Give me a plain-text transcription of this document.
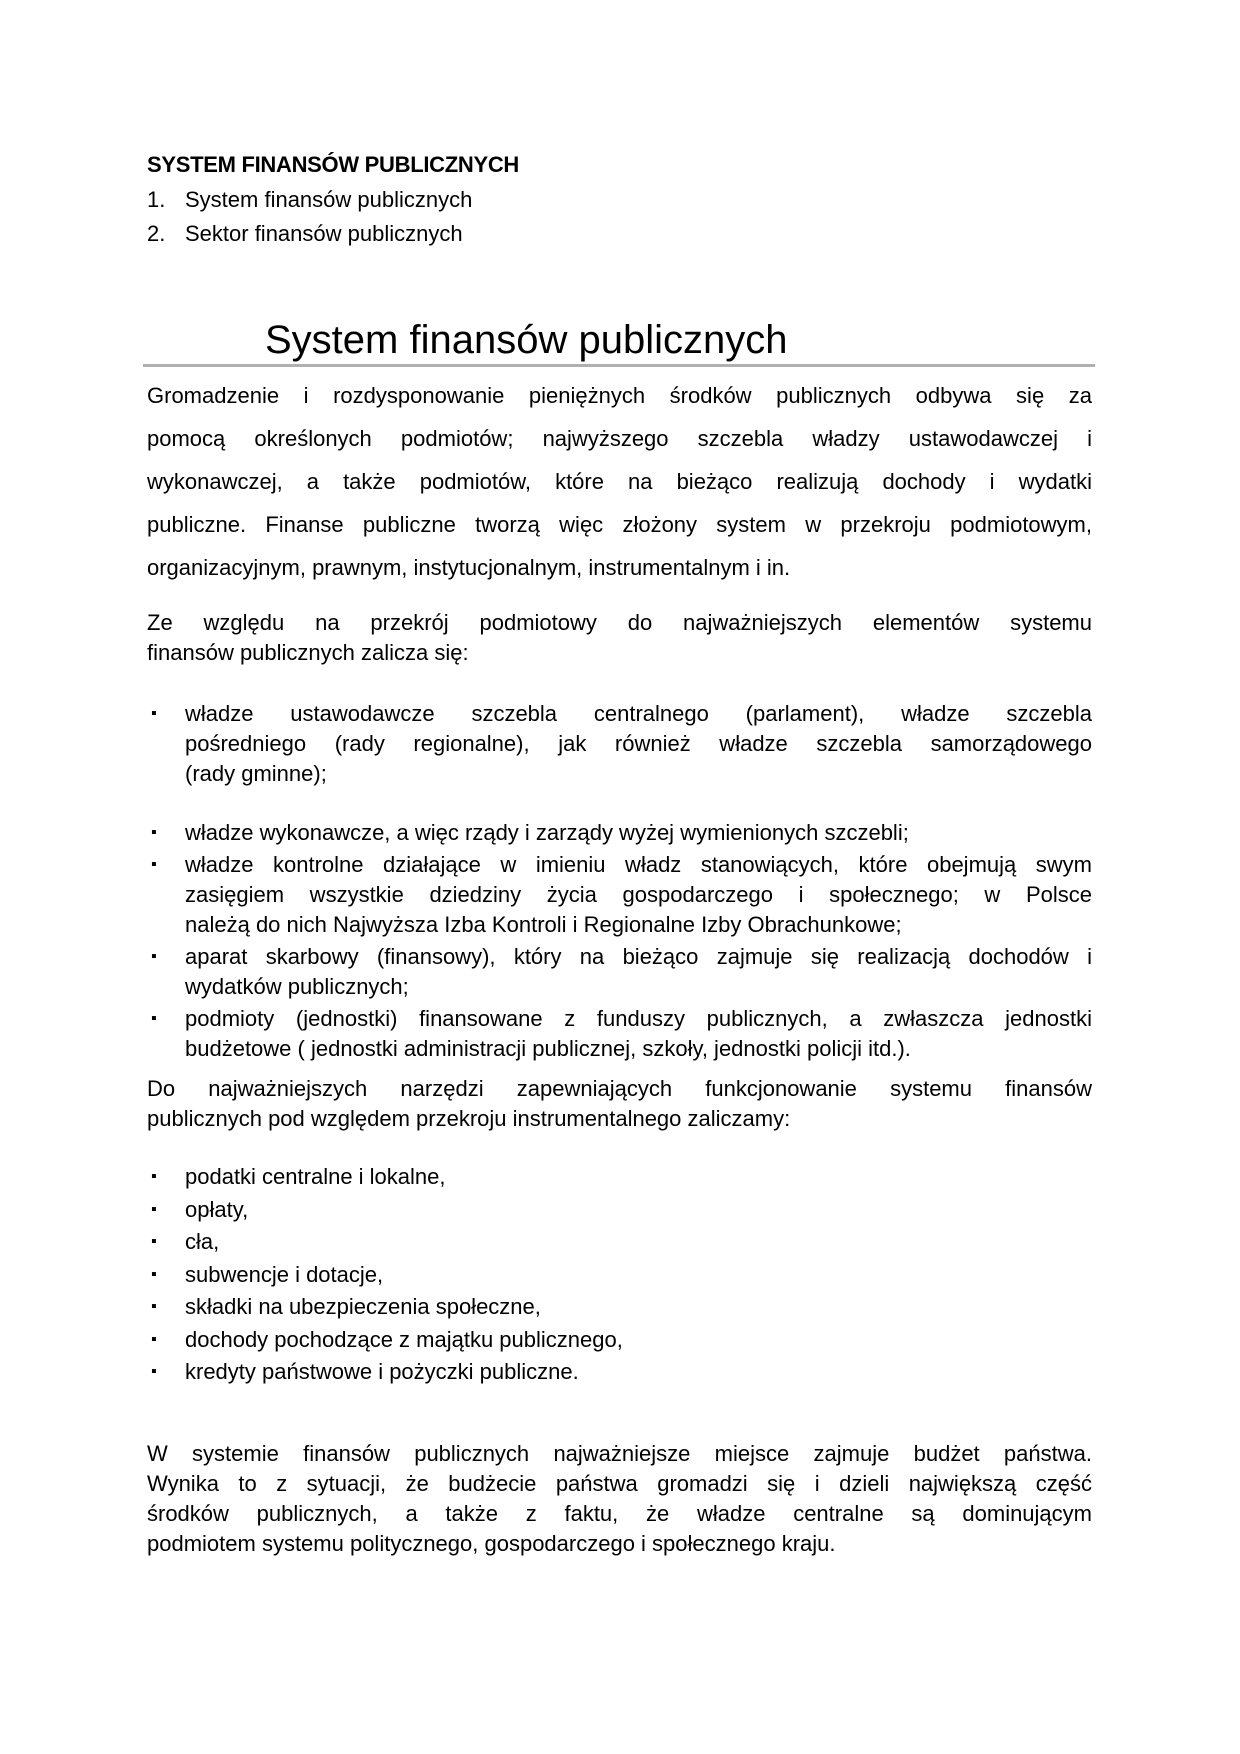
SYSTEM FINANSÓW PUBLICZNYCH
1. System finansów publicznych
2. Sektor finansów publicznych
System finansów publicznych
Gromadzenie i rozdysponowanie pieniężnych środków publicznych odbywa się za
pomocą określonych podmiotów; najwyższego szczebla władzy ustawodawczej i
wykonawczej, a także podmiotów, które na bieżąco realizują dochody i wydatki
publiczne. Finanse publiczne tworzą więc złożony system w przekroju podmiotowym,
organizacyjnym, prawnym, instytucjonalnym, instrumentalnym i in.
Ze względu na przekrój podmiotowy do najważniejszych elementów systemu
finansów publicznych zalicza się:
▪ władze ustawodawcze szczebla centralnego (parlament), władze szczebla
pośredniego (rady regionalne), jak również władze szczebla samorządowego
(rady gminne);
▪ władze wykonawcze, a więc rządy i zarządy wyżej wymienionych szczebli;
▪ władze kontrolne działające w imieniu władz stanowiących, które obejmują swym
zasięgiem wszystkie dziedziny życia gospodarczego i społecznego; w Polsce
należą do nich Najwyższa Izba Kontroli i Regionalne Izby Obrachunkowe;
▪ aparat skarbowy (finansowy), który na bieżąco zajmuje się realizacją dochodów i
wydatków publicznych;
▪ podmioty (jednostki) finansowane z funduszy publicznych, a zwłaszcza jednostki
budżetowe ( jednostki administracji publicznej, szkoły, jednostki policji itd.).
Do najważniejszych narzędzi zapewniających funkcjonowanie systemu finansów
publicznych pod względem przekroju instrumentalnego zaliczamy:
▪ podatki centralne i lokalne,
▪ opłaty,
▪ cła,
▪ subwencje i dotacje,
▪ składki na ubezpieczenia społeczne,
▪ dochody pochodzące z majątku publicznego,
▪ kredyty państwowe i pożyczki publiczne.
W systemie finansów publicznych najważniejsze miejsce zajmuje budżet państwa.
Wynika to z sytuacji, że budżecie państwa gromadzi się i dzieli największą część
środków publicznych, a także z faktu, że władze centralne są dominującym
podmiotem systemu politycznego, gospodarczego i społecznego kraju.
